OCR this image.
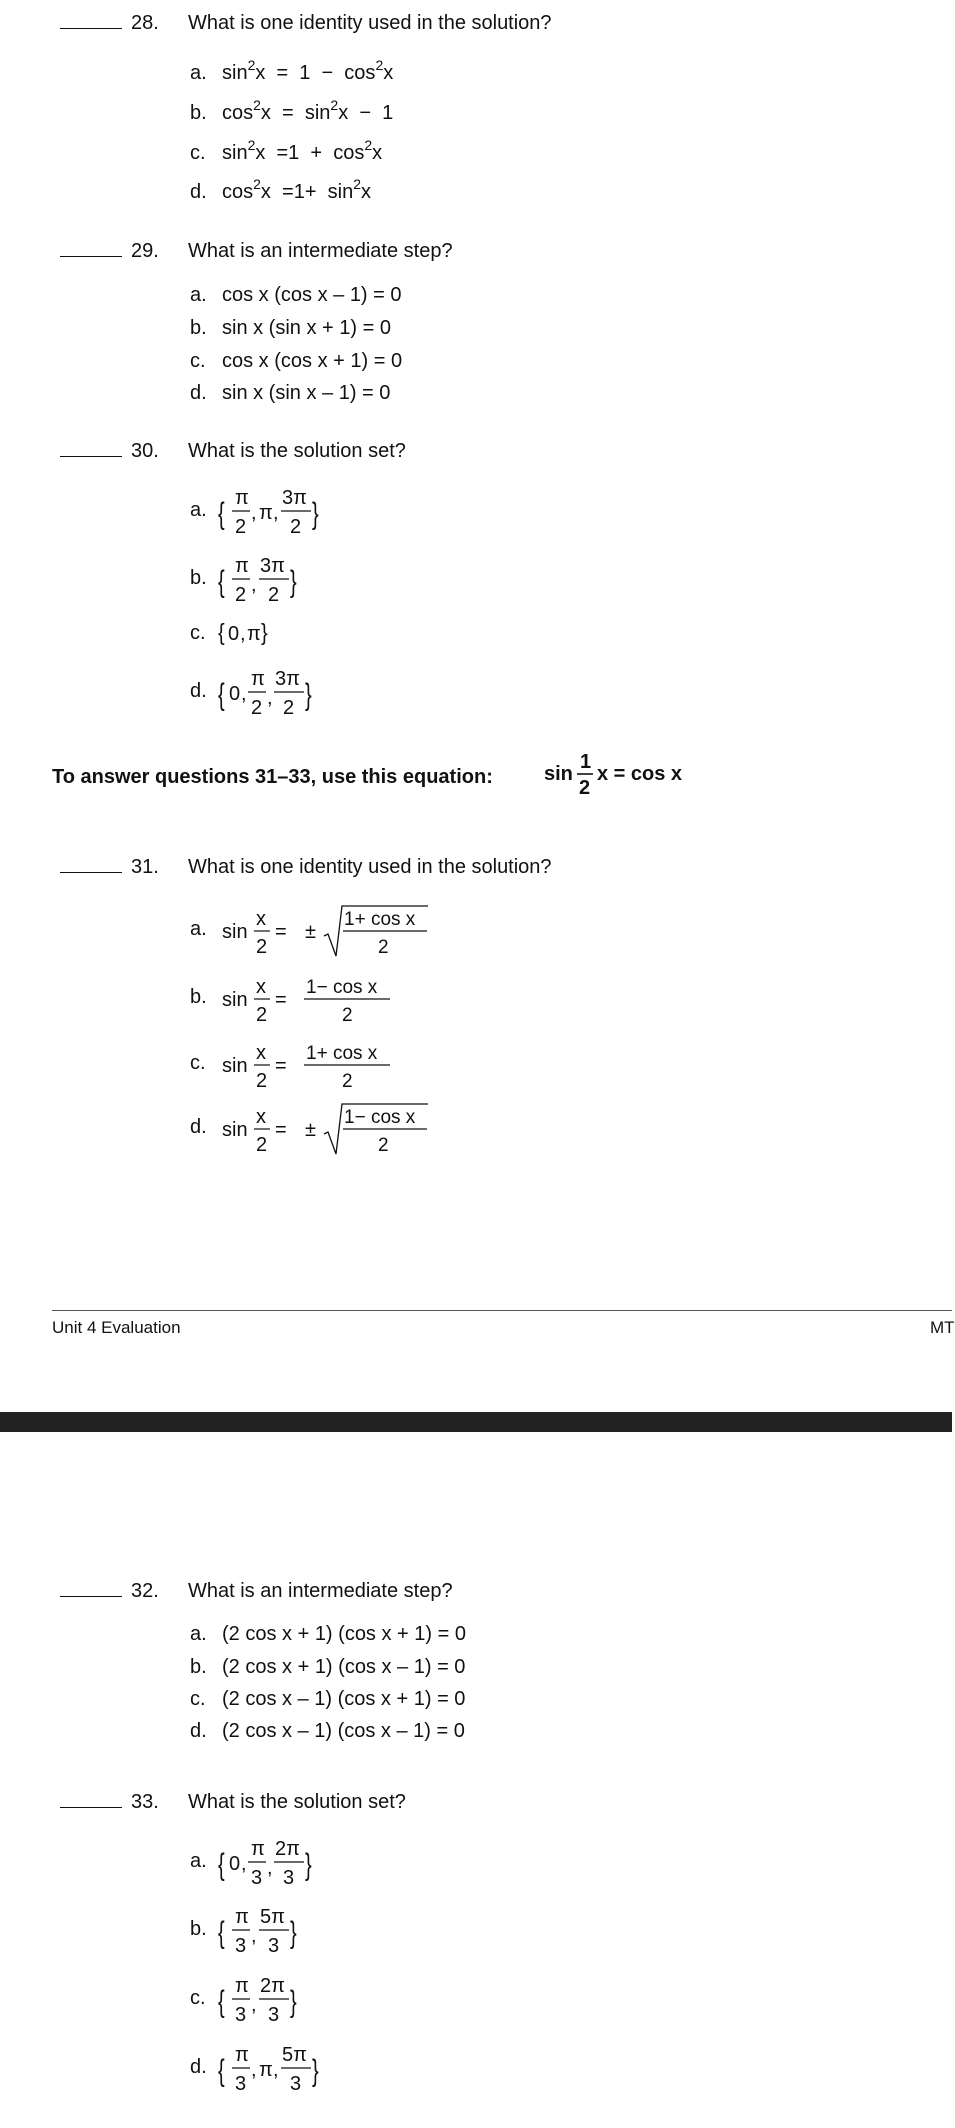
28. What is one identity used in the solution?
a. $\sin^2x = 1 - \cos^2x$
b. $\cos^2x = \sin^2x - 1$
c. $\sin^2x =1 + \cos^2x$
d. $\cos^2x =1+ \sin^2x$
29. What is an intermediate step?
a. cos x (cos x – 1) = 0
b. sin x (sin x + 1) = 0
c. cos x (cos x + 1) = 0
d. sin x (sin x – 1) = 0
30. What is the solution set?
a. { π
2
, π ,
3π
2 }
b. { π
2 ,
3π
2 }
c. { 0 , π }
d. { 0 ,
π
2 ,
3π
2 }
To answer questions 31–33, use this equation:	sin
1
2
x = cos x
31. What is one identity used in the solution?
a. sin
x
2
= ±
1+ cos x
2
b. sin
x
2
=
1− cos x
2
c. sin
x
2
=
1+ cos x
2
d. sin
x
2
= ±
1− cos x
2
Unit 4 Evaluation	MT
32. What is an intermediate step?
a. (2 cos x + 1) (cos x + 1) = 0
b. (2 cos x + 1) (cos x – 1) = 0
c. (2 cos x – 1) (cos x + 1) = 0
d. (2 cos x – 1) (cos x – 1) = 0
33. What is the solution set?
a. { 0 ,
π
3 ,
2π
3 }
b. { π
3 ,
5π
3 }
c. { π
3 ,
2π
3 }
d. { π
3
, π ,
5π
3 }
